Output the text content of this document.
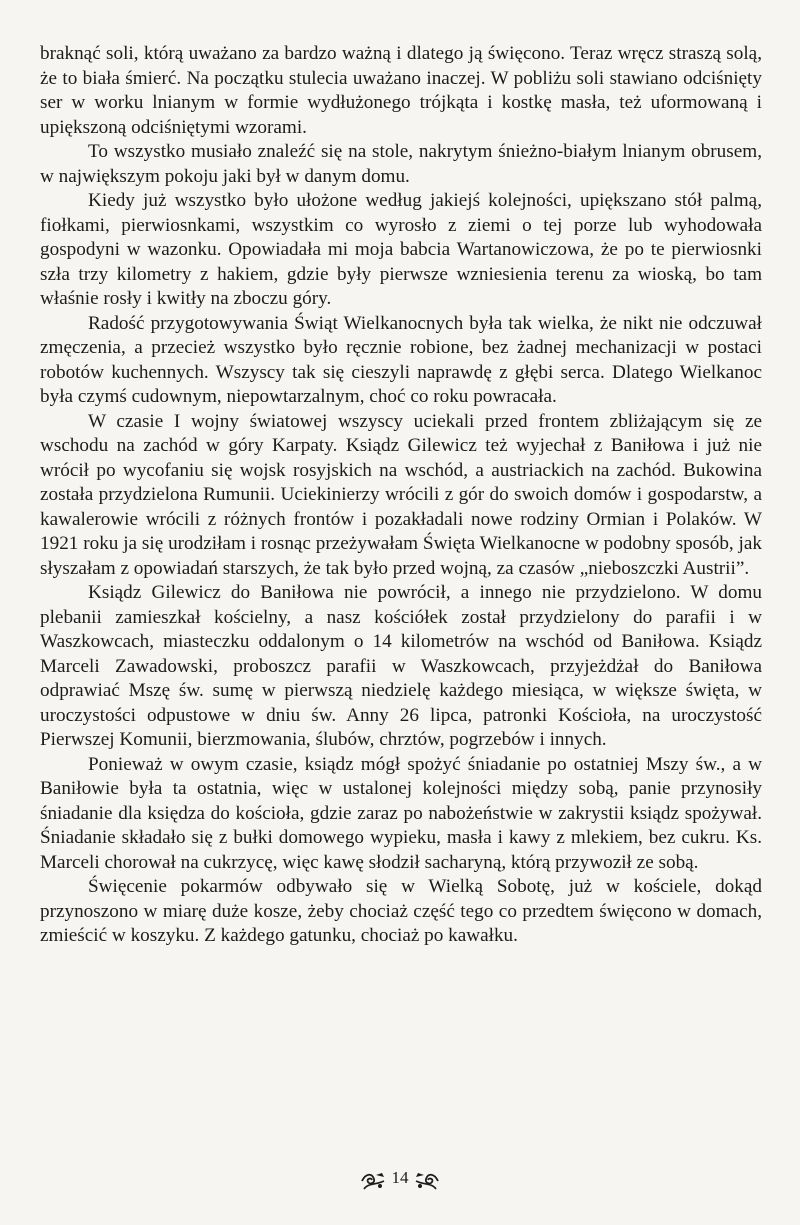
braknąć soli, którą uważano za bardzo ważną i dlatego ją święcono. Teraz wręcz straszą solą, że to biała śmierć. Na początku stulecia uważano inaczej. W pobliżu soli stawiano odciśnięty ser w worku lnianym w formie wydłużonego trójkąta i kostkę masła, też uformowaną i upiększoną odciśniętymi wzorami.

To wszystko musiało znaleźć się na stole, nakrytym śnieżno-białym lnianym obrusem, w największym pokoju jaki był w danym domu.

Kiedy już wszystko było ułożone według jakiejś kolejności, upiększano stół palmą, fiołkami, pierwiosnkami, wszystkim co wyrosło z ziemi o tej porze lub wyhodowała gospodyni w wazonku. Opowiadała mi moja babcia Wartanowiczowa, że po te pierwiosnki szła trzy kilometry z hakiem, gdzie były pierwsze wzniesienia terenu za wioską, bo tam właśnie rosły i kwitły na zboczu góry.

Radość przygotowywania Świąt Wielkanocnych była tak wielka, że nikt nie odczuwał zmęczenia, a przecież wszystko było ręcznie robione, bez żadnej mechanizacji w postaci robotów kuchennych. Wszyscy tak się cieszyli naprawdę z głębi serca. Dlatego Wielkanoc była czymś cudownym, niepowtarzalnym, choć co roku powracała.

W czasie I wojny światowej wszyscy uciekali przed frontem zbliżającym się ze wschodu na zachód w góry Karpaty. Ksiądz Gilewicz też wyjechał z Baniłowa i już nie wrócił po wycofaniu się wojsk rosyjskich na wschód, a austriackich na zachód. Bukowina została przydzielona Rumunii. Uciekinierzy wrócili z gór do swoich domów i gospodarstw, a kawalerowie wrócili z różnych frontów i pozakładali nowe rodziny Ormian i Polaków. W 1921 roku ja się urodziłam i rosnąc przeżywałam Święta Wielkanocne w podobny sposób, jak słyszałam z opowiadań starszych, że tak było przed wojną, za czasów „nieboszczki Austrii”.

Ksiądz Gilewicz do Baniłowa nie powrócił, a innego nie przydzielono. W domu plebanii zamieszkał kościelny, a nasz kościółek został przydzielony do parafii i w Waszkowcach, miasteczku oddalonym o 14 kilometrów na wschód od Baniłowa. Ksiądz Marceli Zawadowski, proboszcz parafii w Waszkowcach, przyjeżdżał do Baniłowa odprawiać Mszę św. sumę w pierwszą niedzielę każdego miesiąca, w większe święta, w uroczystości odpustowe w dniu św. Anny 26 lipca, patronki Kościoła, na uroczystość Pierwszej Komunii, bierzmowania, ślubów, chrztów, pogrzebów i innych.

Ponieważ w owym czasie, ksiądz mógł spożyć śniadanie po ostatniej Mszy św., a w Baniłowie była ta ostatnia, więc w ustalonej kolejności między sobą, panie przynosiły śniadanie dla księdza do kościoła, gdzie zaraz po nabożeństwie w zakrystii ksiądz spożywał. Śniadanie składało się z bułki domowego wypieku, masła i kawy z mlekiem, bez cukru. Ks. Marceli chorował na cukrzycę, więc kawę słodził sacharyną, którą przywoził ze sobą.

Święcenie pokarmów odbywało się w Wielką Sobotę, już w kościele, dokąd przynoszono w miarę duże kosze, żeby chociaż część tego co przedtem święcono w domach, zmieścić w koszyku. Z każdego gatunku, chociaż po kawałku.

14
